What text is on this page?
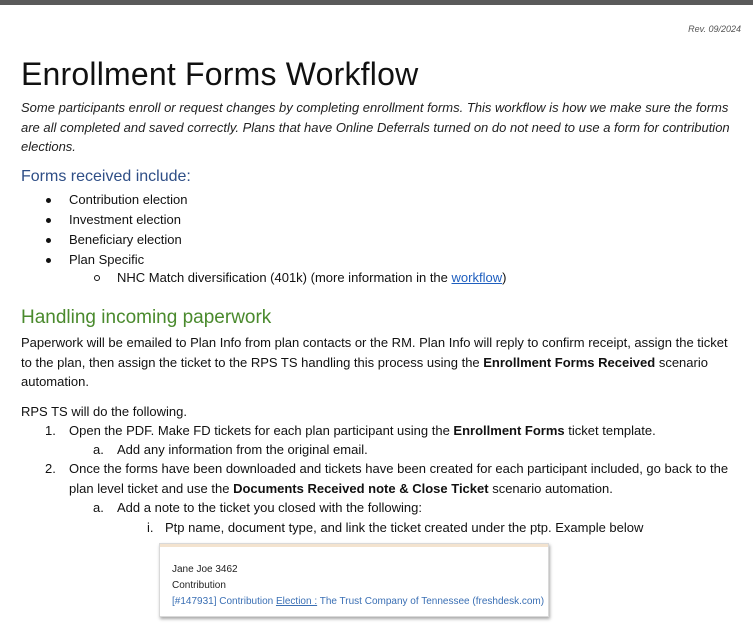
Rev. 09/2024
Enrollment Forms Workflow

Some participants enroll or request changes by completing enrollment forms. This workflow is how we make sure the forms are all completed and saved correctly. Plans that have Online Deferrals turned on do not need to use a form for contribution elections.

Forms received include:
Contribution election
Investment election
Beneficiary election
Plan Specific
NHC Match diversification (401k) (more information in the workflow)
Handling incoming paperwork

Paperwork will be emailed to Plan Info from plan contacts or the RM. Plan Info will reply to confirm receipt, assign the ticket to the plan, then assign the ticket to the RPS TS handling this process using the Enrollment Forms Received scenario automation.

RPS TS will do the following.

1. Open the PDF. Make FD tickets for each plan participant using the Enrollment Forms ticket template.
a. Add any information from the original email.
2. Once the forms have been downloaded and tickets have been created for each participant included, go back to the plan level ticket and use the Documents Received note & Close Ticket scenario automation.
a. Add a note to the ticket you closed with the following:
i. Ptp name, document type, and link the ticket created under the ptp. Example below
Jane Joe 3462
Contribution
[#147931] Contribution Election : The Trust Company of Tennessee (freshdesk.com)
